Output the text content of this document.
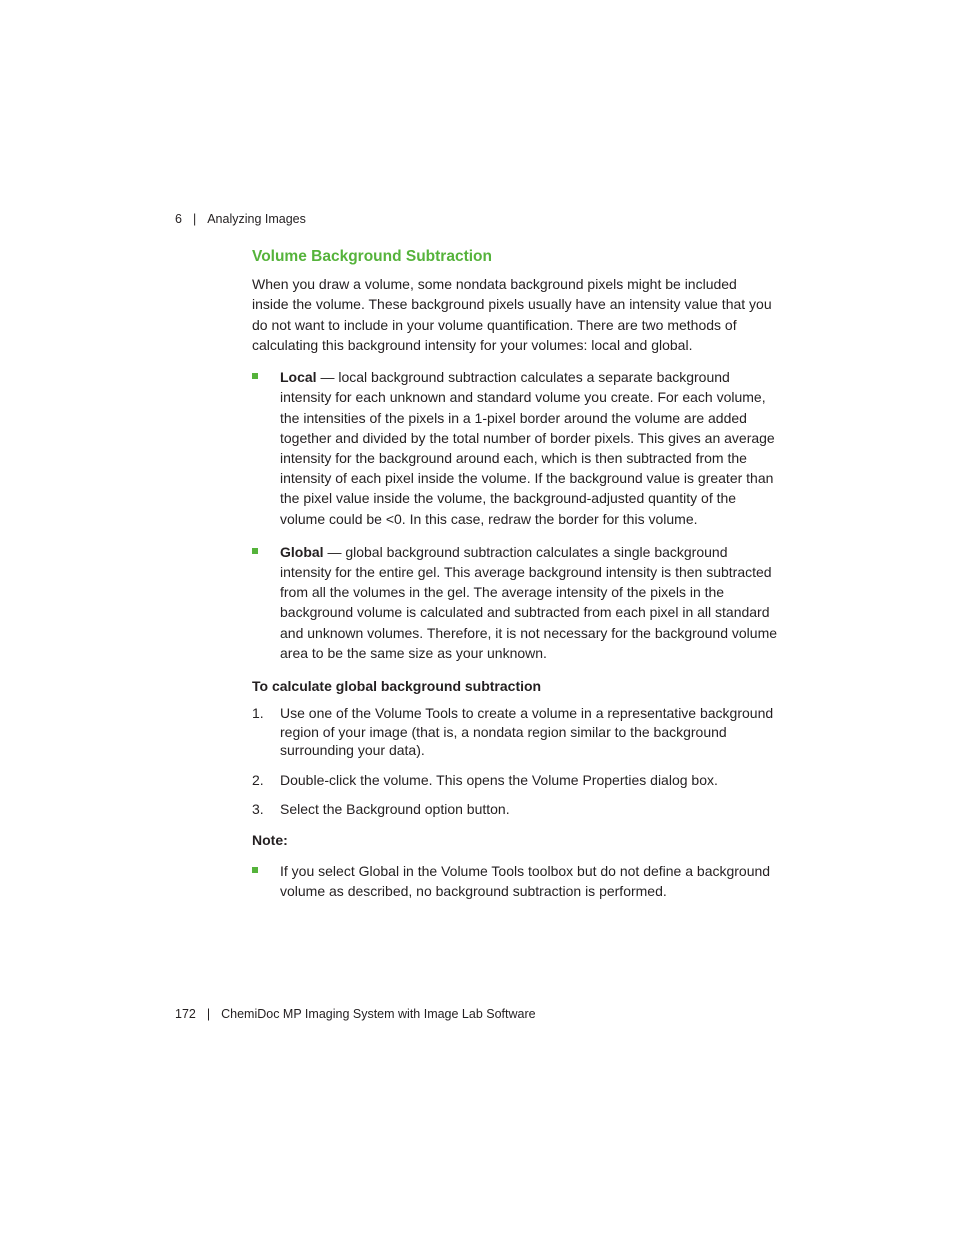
6 | Analyzing Images
Volume Background Subtraction

When you draw a volume, some nondata background pixels might be included inside the volume. These background pixels usually have an intensity value that you do not want to include in your volume quantification. There are two methods of calculating this background intensity for your volumes: local and global.

Local — local background subtraction calculates a separate background intensity for each unknown and standard volume you create. For each volume, the intensities of the pixels in a 1-pixel border around the volume are added together and divided by the total number of border pixels. This gives an average intensity for the background around each, which is then subtracted from the intensity of each pixel inside the volume. If the background value is greater than the pixel value inside the volume, the background-adjusted quantity of the volume could be <0. In this case, redraw the border for this volume.
Global — global background subtraction calculates a single background intensity for the entire gel. This average background intensity is then subtracted from all the volumes in the gel. The average intensity of the pixels in the background volume is calculated and subtracted from each pixel in all standard and unknown volumes. Therefore, it is not necessary for the background volume area to be the same size as your unknown.
To calculate global background subtraction
1. Use one of the Volume Tools to create a volume in a representative background region of your image (that is, a nondata region similar to the background surrounding your data).
2. Double-click the volume. This opens the Volume Properties dialog box.
3. Select the Background option button.
Note:
If you select Global in the Volume Tools toolbox but do not define a background volume as described, no background subtraction is performed.
172 | ChemiDoc MP Imaging System with Image Lab Software
